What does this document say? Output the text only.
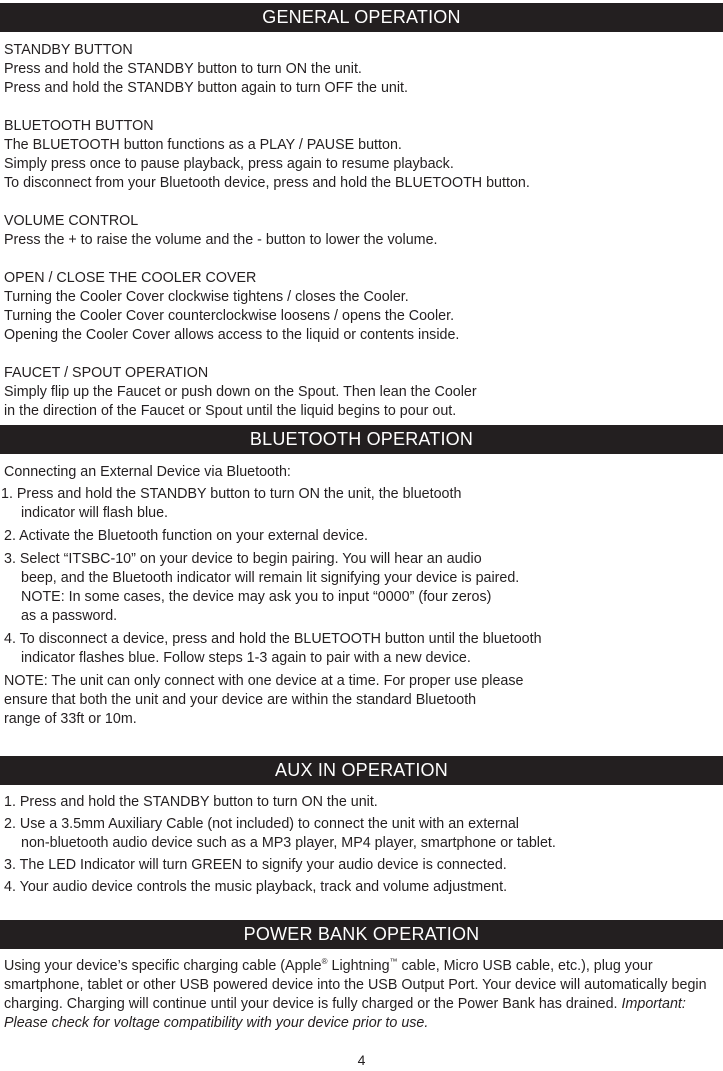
GENERAL OPERATION

STANDBY BUTTON

Press and hold the STANDBY button to turn ON the unit.

Press and hold the STANDBY button again to turn OFF the unit.

BLUETOOTH BUTTON

The BLUETOOTH button functions as a PLAY / PAUSE button.

Simply press once to pause playback, press again to resume playback.

To disconnect from your Bluetooth device, press and hold the BLUETOOTH button.

VOLUME CONTROL

Press the + to raise the volume and the - button to lower the volume.

OPEN / CLOSE THE COOLER COVER

Turning the Cooler Cover clockwise tightens / closes the Cooler.

Turning the Cooler Cover counterclockwise loosens / opens the Cooler.

Opening the Cooler Cover allows access to the liquid or contents inside.

FAUCET / SPOUT OPERATION

Simply flip up the Faucet or push down on the Spout. Then lean the Cooler

in the direction of the Faucet or Spout until the liquid begins to pour out.

BLUETOOTH OPERATION

Connecting an External Device via Bluetooth:

1. Press and hold the STANDBY button to turn ON the unit, the bluetooth

indicator will flash blue.

2. Activate the Bluetooth function on your external device.

3. Select “ITSBC-10” on your device to begin pairing. You will hear an audio

beep, and the Bluetooth indicator will remain lit signifying your device is paired.

NOTE: In some cases, the device may ask you to input “0000” (four zeros)

as a password.

4. To disconnect a device, press and hold the BLUETOOTH button until the bluetooth

indicator flashes blue. Follow steps 1-3 again to pair with a new device.

NOTE: The unit can only connect with one device at a time. For proper use please

ensure that both the unit and your device are within the standard Bluetooth

range of 33ft or 10m.

AUX IN OPERATION

1. Press and hold the STANDBY button to turn ON the unit.

2. Use a 3.5mm Auxiliary Cable (not included) to connect the unit with an external

non-bluetooth audio device such as a MP3 player, MP4 player, smartphone or tablet.

3. The LED Indicator will turn GREEN to signify your audio device is connected.

4. Your audio device controls the music playback, track and volume adjustment.

POWER BANK OPERATION

Using your device’s specific charging cable (Apple® Lightning™ cable, Micro USB cable, etc.), plug your smartphone, tablet or other USB powered device into the USB Output Port. Your device will automatically begin charging. Charging will continue until your device is fully charged or the Power Bank has drained. Important: Please check for voltage compatibility with your device prior to use.

4
